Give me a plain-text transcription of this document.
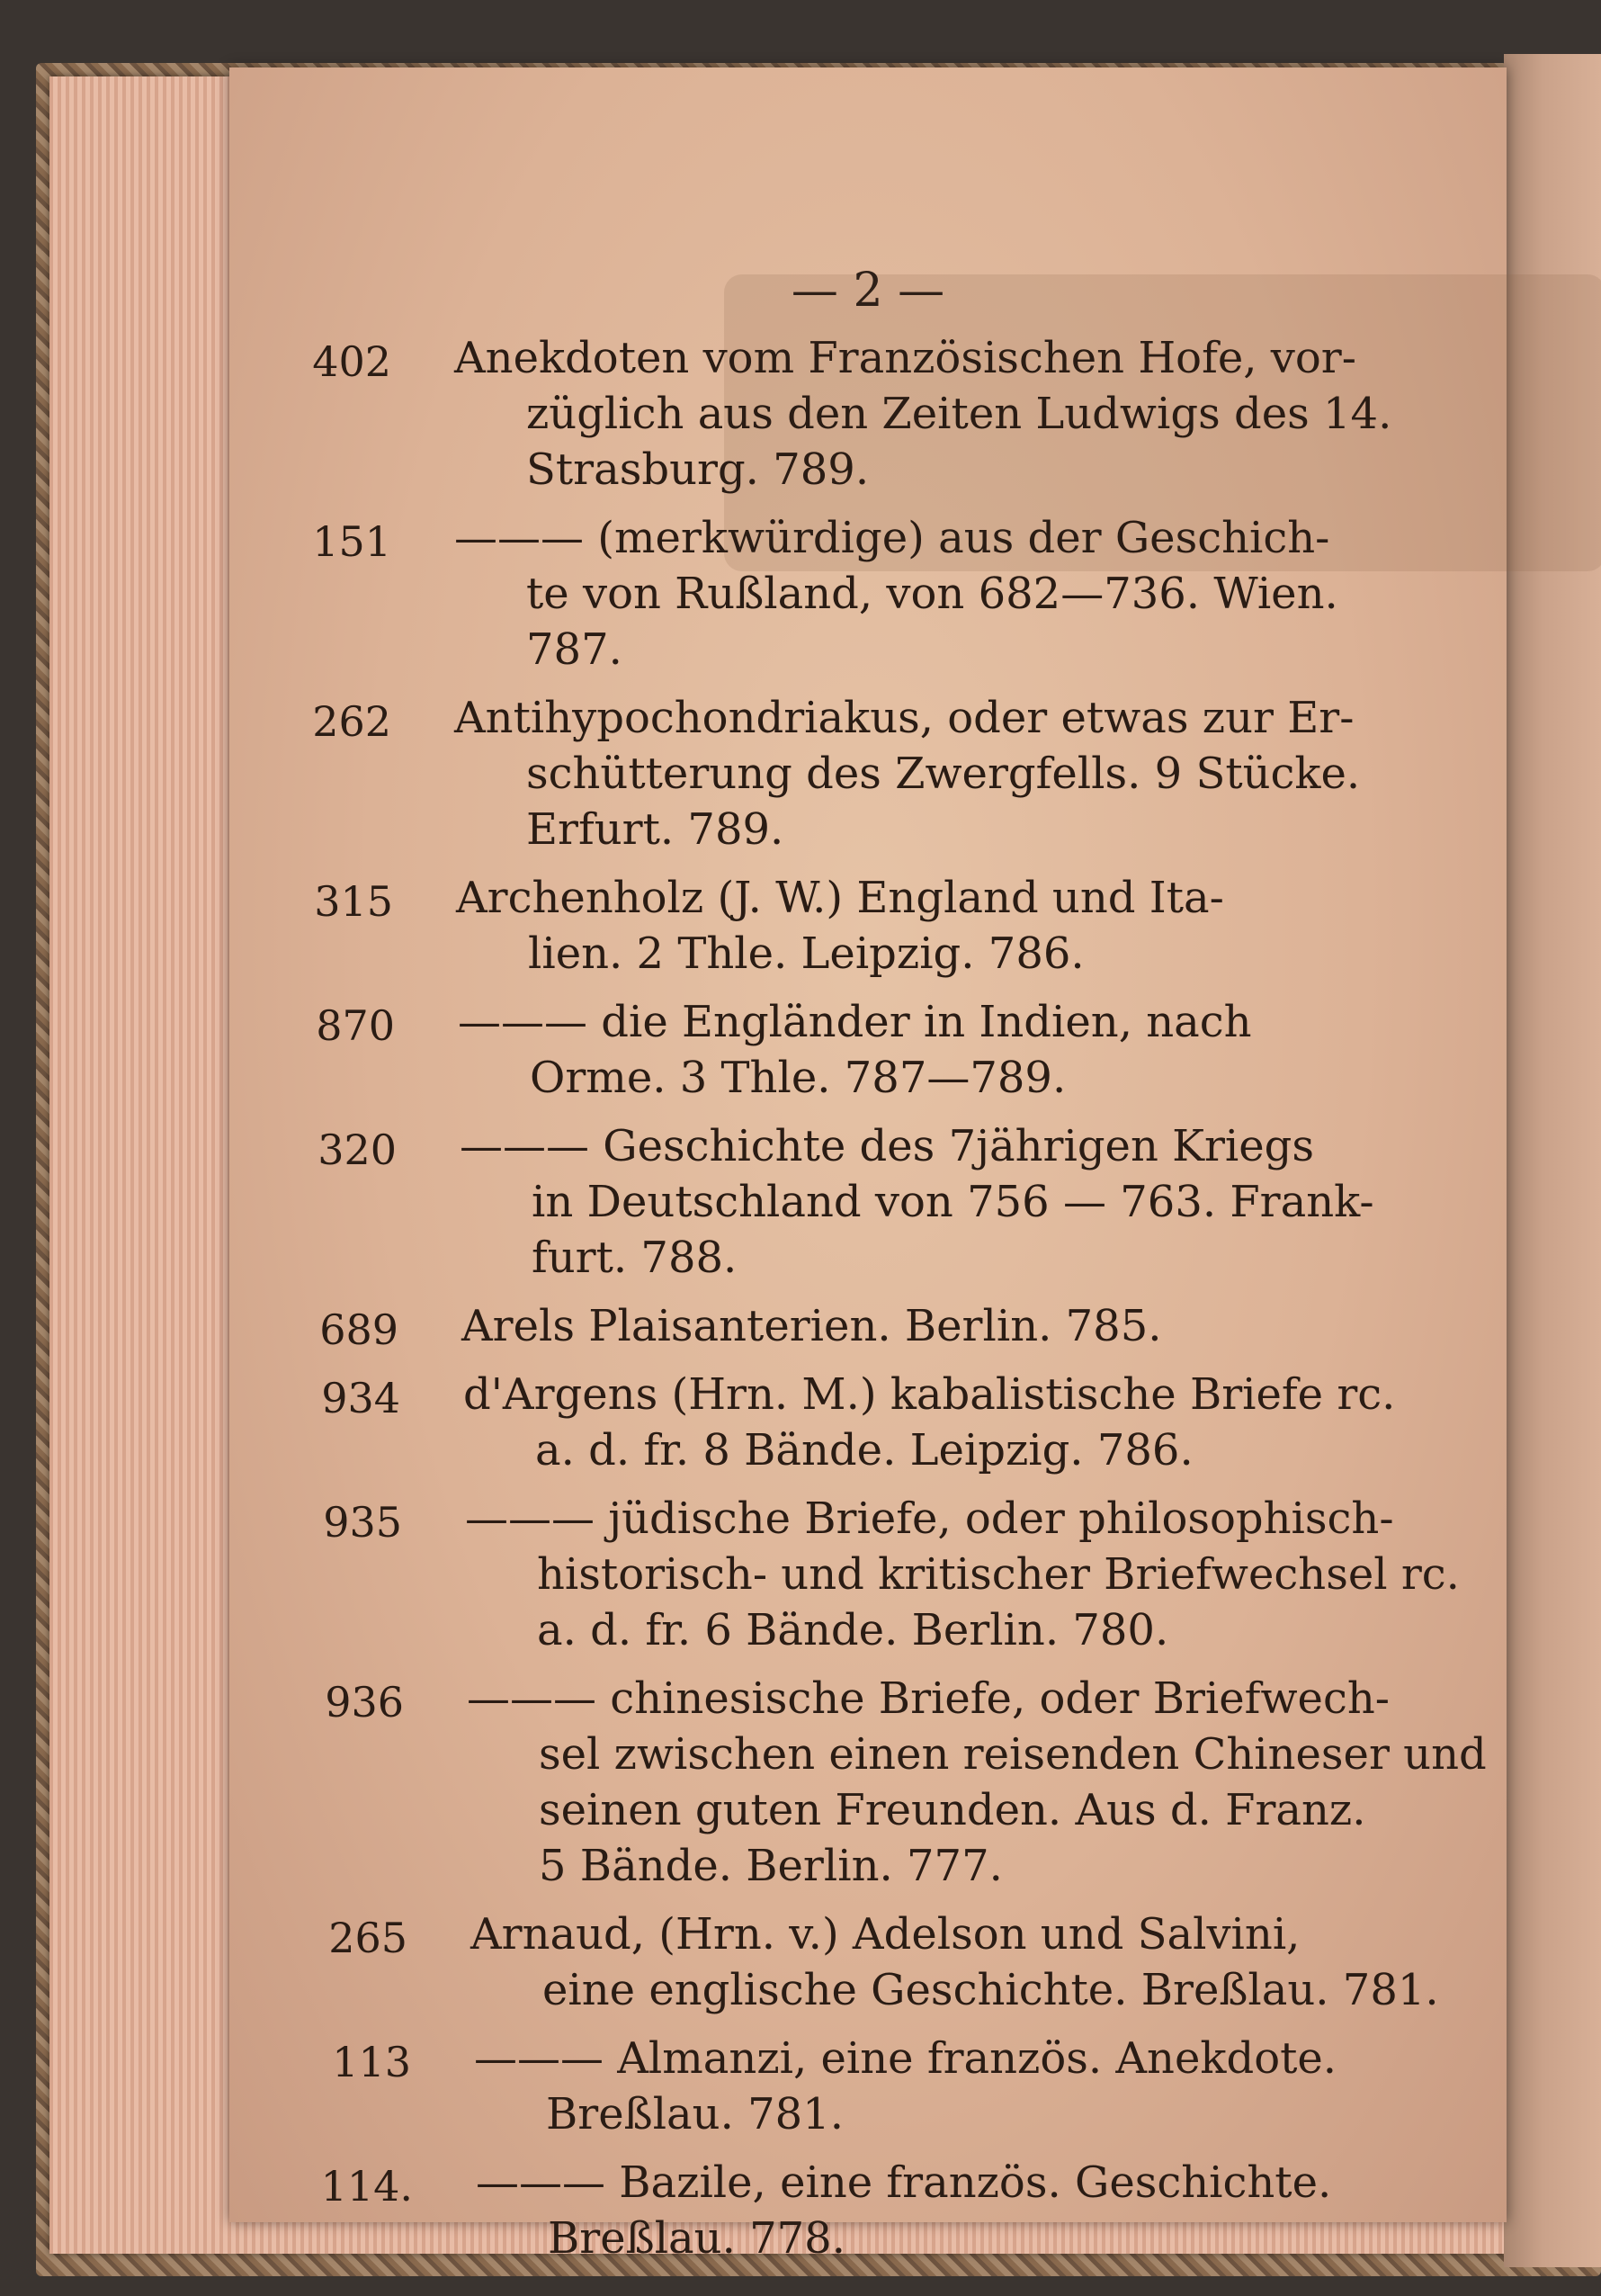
— 2 —
402	Anekdoten vom Französischen Hofe, vor-
züglich aus den Zeiten Ludwigs des 14.
Strasburg. 789.
151	——— (merkwürdige) aus der Geschich-
te von Rußland, von 682—736. Wien.
787.
262	Antihypochondriakus, oder etwas zur Er-
schütterung des Zwergfells. 9 Stücke.
Erfurt. 789.
315	Archenholz (J. W.) England und Ita-
lien. 2 Thle. Leipzig. 786.
870	——— die Engländer in Indien, nach
Orme. 3 Thle. 787—789.
320	——— Geschichte des 7jährigen Kriegs
in Deutschland von 756 — 763. Frank-
furt. 788.
689	Arels Plaisanterien. Berlin. 785.
934	d'Argens (Hrn. M.) kabalistische Briefe rc.
a. d. fr. 8 Bände. Leipzig. 786.
935	——— jüdische Briefe, oder philosophisch-
historisch- und kritischer Briefwechsel rc.
a. d. fr. 6 Bände. Berlin. 780.
936	——— chinesische Briefe, oder Briefwech-
sel zwischen einen reisenden Chineser und
seinen guten Freunden. Aus d. Franz.
5 Bände. Berlin. 777.
265	Arnaud, (Hrn. v.) Adelson und Salvini,
eine englische Geschichte. Breßlau. 781.
113	——— Almanzi, eine französ. Anekdote.
Breßlau. 781.
114.	——— Bazile, eine französ. Geschichte.
Breßlau. 778.
